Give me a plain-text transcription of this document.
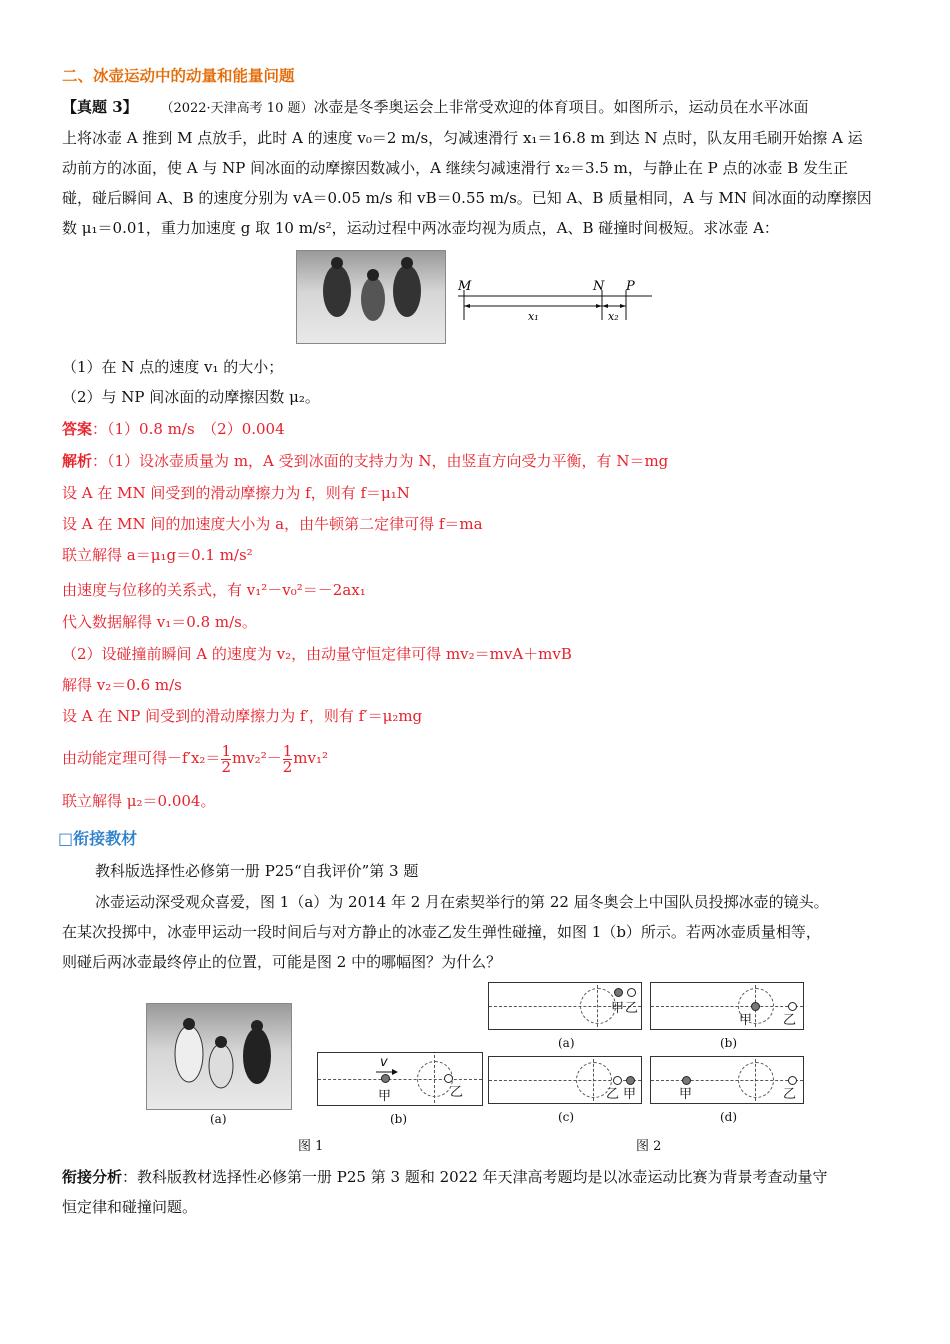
二、冰壶运动中的动量和能量问题
【真题 3】 （2022·天津高考 10 题）冰壶是冬季奥运会上非常受欢迎的体育项目。如图所示，运动员在水平冰面
上将冰壶 A 推到 M 点放手，此时 A 的速度 v₀＝2 m/s，匀减速滑行 x₁＝16.8 m 到达 N 点时，队友用毛刷开始擦 A 运
动前方的冰面，使 A 与 NP 间冰面的动摩擦因数减小，A 继续匀减速滑行 x₂＝3.5 m，与静止在 P 点的冰壶 B 发生正
碰，碰后瞬间 A、B 的速度分别为 vA＝0.05 m/s 和 vB＝0.55 m/s。已知 A、B 质量相同，A 与 MN 间冰面的动摩擦因
数 μ₁＝0.01，重力加速度 g 取 10 m/s²，运动过程中两冰壶均视为质点，A、B 碰撞时间极短。求冰壶 A：
M	N P
x₁	x₂
（1）在 N 点的速度 v₁ 的大小；
（2）与 NP 间冰面的动摩擦因数 μ₂。
答案：（1）0.8 m/s　（2）0.004
解析：（1）设冰壶质量为 m，A 受到冰面的支持力为 N，由竖直方向受力平衡，有 N＝mg
设 A 在 MN 间受到的滑动摩擦力为 f，则有 f＝μ₁N
设 A 在 MN 间的加速度大小为 a，由牛顿第二定律可得 f＝ma
联立解得 a＝μ₁g＝0.1 m/s²
由速度与位移的关系式，有 v₁²－v₀²＝－2ax₁
代入数据解得 v₁＝0.8 m/s。
（2）设碰撞前瞬间 A 的速度为 v₂，由动量守恒定律可得 mv₂＝mvA＋mvB
解得 v₂＝0.6 m/s
设 A 在 NP 间受到的滑动摩擦力为 f′，则有 f′＝μ₂mg
由动能定理可得$-f'x_2= \frac{1}{2} mv_2^2- \frac{1}{2} mv_1^2$
联立解得 μ₂＝0.004。
□衔接教材
教科版选择性必修第一册 P25“自我评价”第 3 题
冰壶运动深受观众喜爱，图 1（a）为 2014 年 2 月在索契举行的第 22 届冬奥会上中国队员投掷冰壶的镜头。
在某次投掷中，冰壶甲运动一段时间后与对方静止的冰壶乙发生弹性碰撞，如图 1（b）所示。若两冰壶质量相等，
则碰后两冰壶最终停止的位置，可能是图 2 中的哪幅图？为什么？
(a)
v
甲	乙
(b)
图 1
甲 乙
(a)
甲 乙
(b)
乙 甲
(c)
甲	乙
(d)
图 2
衔接分析：教科版教材选择性必修第一册 P25 第 3 题和 2022 年天津高考题均是以冰壶运动比赛为背景考查动量守
恒定律和碰撞问题。
